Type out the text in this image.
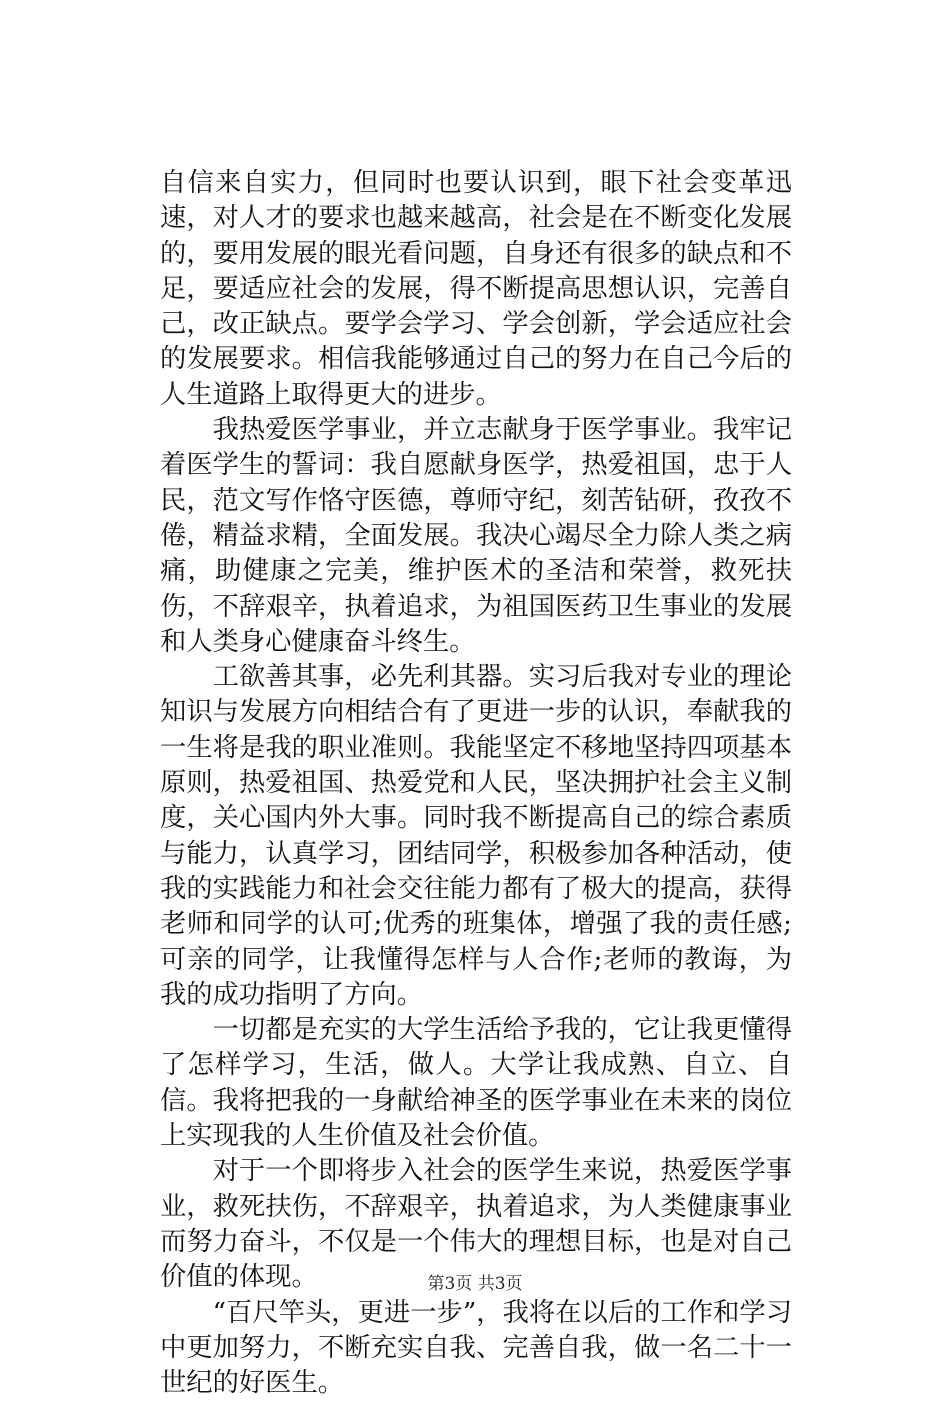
自信来自实力，但同时也要认识到，眼下社会变革迅速，对人才的要求也越来越高，社会是在不断变化发展的，要用发展的眼光看问题，自身还有很多的缺点和不足，要适应社会的发展，得不断提高思想认识，完善自己，改正缺点。要学会学习、学会创新，学会适应社会的发展要求。相信我能够通过自己的努力在自己今后的人生道路上取得更大的进步。

我热爱医学事业，并立志献身于医学事业。我牢记着医学生的誓词：我自愿献身医学，热爱祖国，忠于人民，范文写作恪守医德，尊师守纪，刻苦钻研，孜孜不倦，精益求精，全面发展。我决心竭尽全力除人类之病痛，助健康之完美，维护医术的圣洁和荣誉，救死扶伤，不辞艰辛，执着追求，为祖国医药卫生事业的发展和人类身心健康奋斗终生。

工欲善其事，必先利其器。实习后我对专业的理论知识与发展方向相结合有了更进一步的认识，奉献我的一生将是我的职业准则。我能坚定不移地坚持四项基本原则，热爱祖国、热爱党和人民，坚决拥护社会主义制度，关心国内外大事。同时我不断提高自己的综合素质与能力，认真学习，团结同学，积极参加各种活动，使我的实践能力和社会交往能力都有了极大的提高，获得老师和同学的认可;优秀的班集体，增强了我的责任感;可亲的同学，让我懂得怎样与人合作;老师的教诲，为我的成功指明了方向。

一切都是充实的大学生活给予我的，它让我更懂得了怎样学习，生活，做人。大学让我成熟、自立、自信。我将把我的一身献给神圣的医学事业在未来的岗位上实现我的人生价值及社会价值。

对于一个即将步入社会的医学生来说，热爱医学事业，救死扶伤，不辞艰辛，执着追求，为人类健康事业而努力奋斗，不仅是一个伟大的理想目标，也是对自己价值的体现。

“百尺竿头，更进一步”，我将在以后的工作和学习中更加努力，不断充实自我、完善自我，做一名二十一世纪的好医生。

第3页 共3页
